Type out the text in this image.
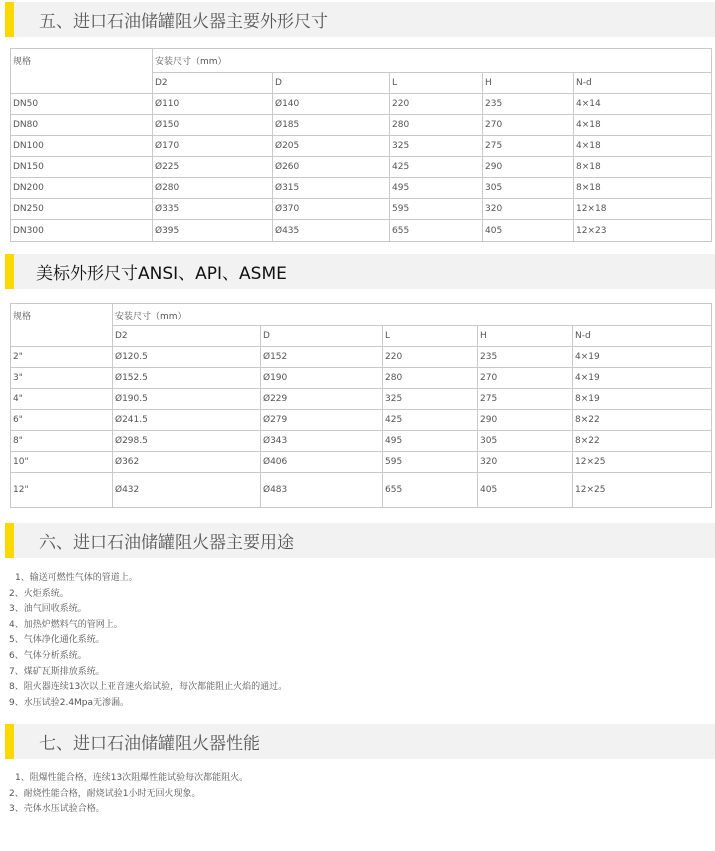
五、进口石油储罐阻火器主要外形尺寸
规格	安装尺寸（mm）				
	D2	D	L	H	N-d
DN50	Ø110	Ø140	220	235	4×14
DN80	Ø150	Ø185	280	270	4×18
DN100	Ø170	Ø205	325	275	4×18
DN150	Ø225	Ø260	425	290	8×18
DN200	Ø280	Ø315	495	305	8×18
DN250	Ø335	Ø370	595	320	12×18
DN300	Ø395	Ø435	655	405	12×23
美标外形尺寸ANSI、API、ASME
规格	安装尺寸（mm）				
	D2	D	L	H	N-d
2"	Ø120.5	Ø152	220	235	4×19
3"	Ø152.5	Ø190	280	270	4×19
4"	Ø190.5	Ø229	325	275	8×19
6"	Ø241.5	Ø279	425	290	8×22
8"	Ø298.5	Ø343	495	305	8×22
10"	Ø362	Ø406	595	320	12×25
12"	Ø432	Ø483	655	405	12×25
六、进口石油储罐阻火器主要用途
1、输送可燃性气体的管道上。
2、火炬系统。
3、油气回收系统。
4、加热炉燃料气的管网上。
5、气体净化通化系统。
6、气体分析系统。
7、煤矿瓦斯排放系统。
8、阻火器连续13次以上亚音速火焰试验，每次都能阻止火焰的通过。
9、水压试验2.4Mpa无渗漏。
七、进口石油储罐阻火器性能
1、阻爆性能合格，连续13次阻爆性能试验每次都能阻火。
2、耐烧性能合格，耐烧试验1小时无回火现象。
3、壳体水压试验合格。
